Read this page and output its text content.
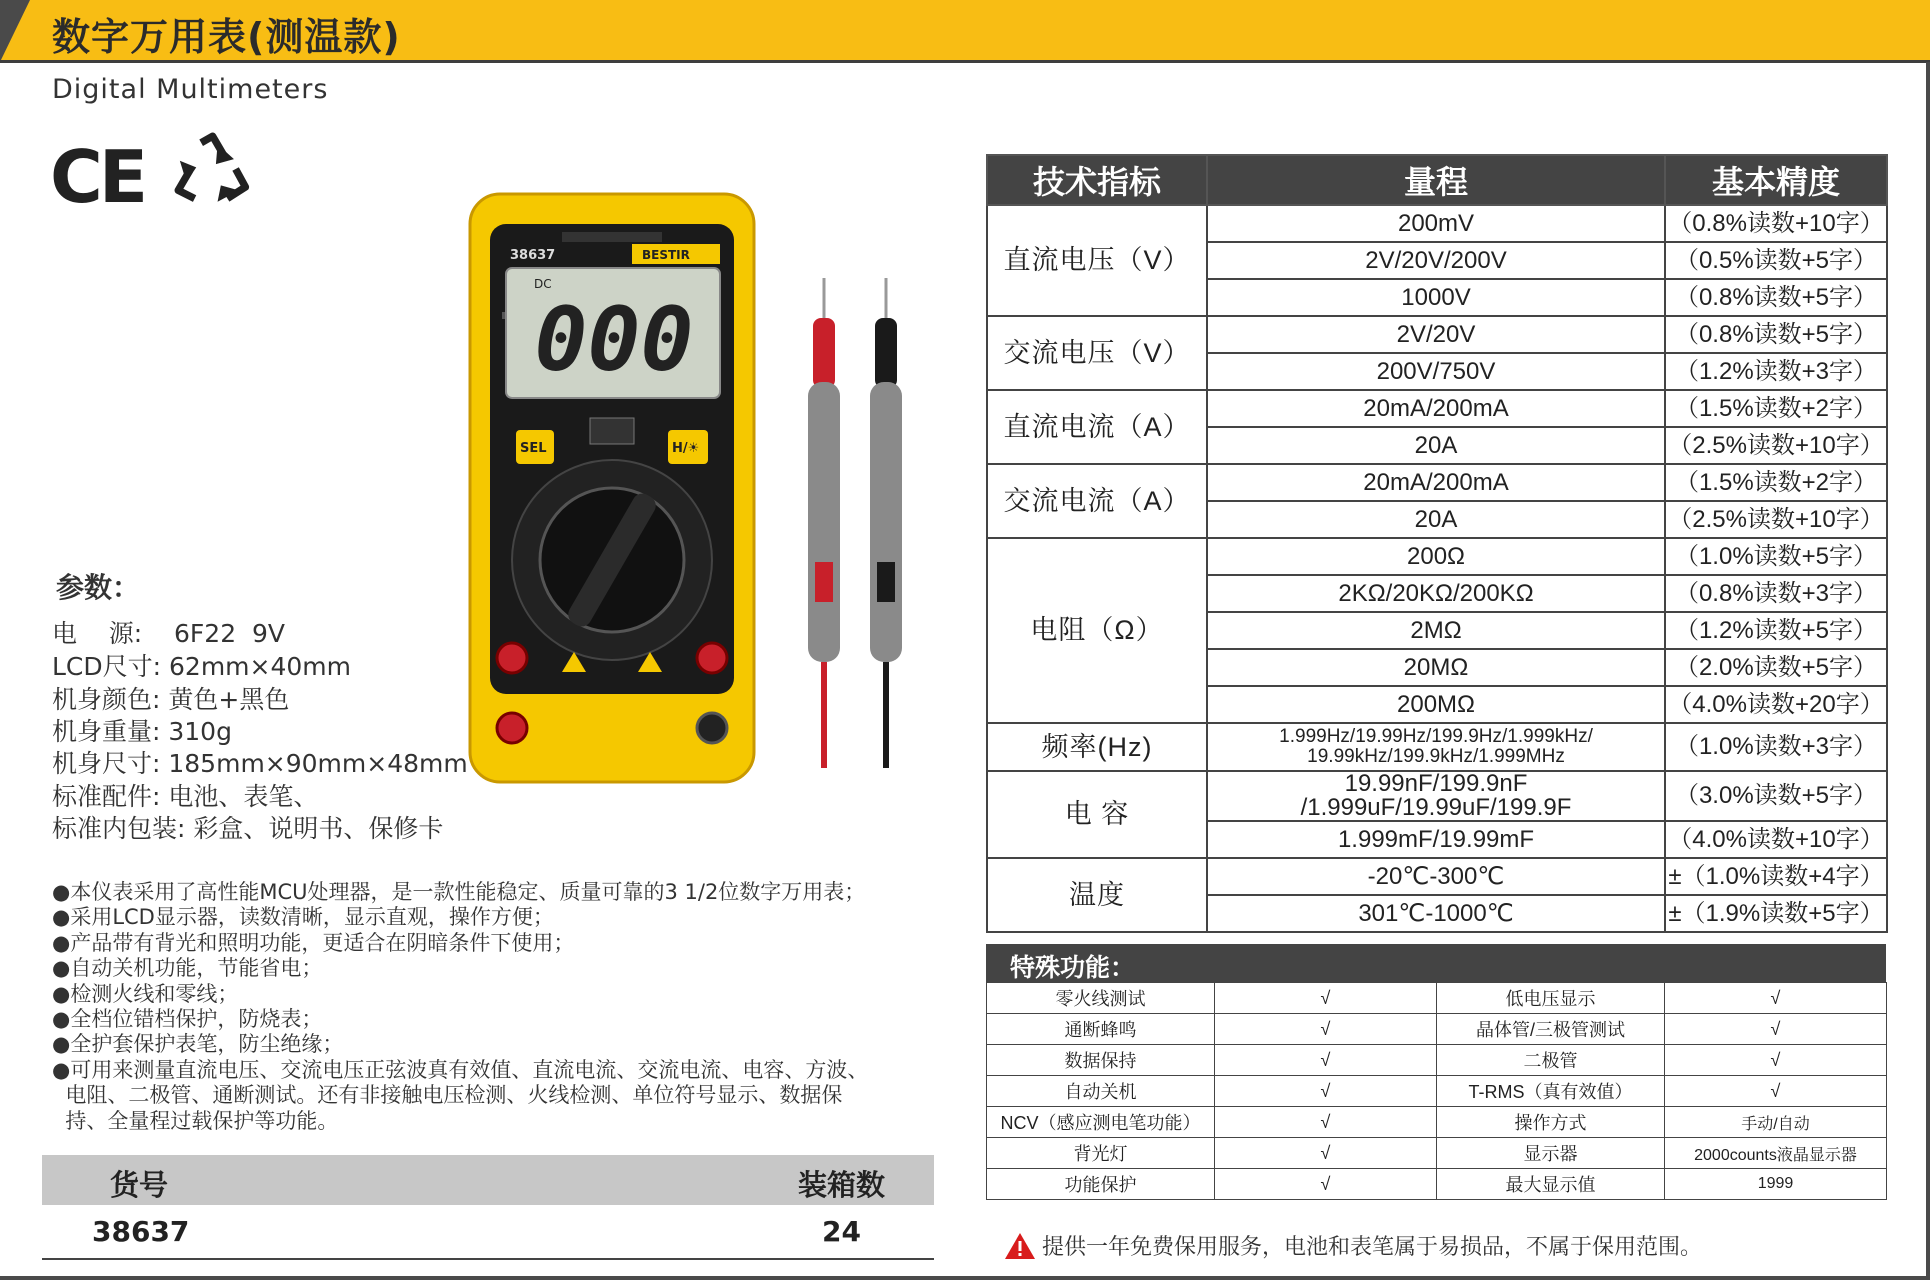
数字万用表(测温款)
Digital Multimeters
CE
38637	BESTIR
000
DC
SEL	H/☀
参数：
电    源:    6F22  9V
LCD尺寸: 62mm×40mm
机身颜色: 黄色+黑色
机身重量: 310g
机身尺寸: 185mm×90mm×48mm
标准配件: 电池、表笔、
标准内包装: 彩盒、说明书、保修卡
●本仪表采用了高性能MCU处理器，是一款性能稳定、质量可靠的3 1/2位数字万用表；
●采用LCD显示器，读数清晰，显示直观，操作方便；
●产品带有背光和照明功能，更适合在阴暗条件下使用；
●自动关机功能，节能省电；
●检测火线和零线；
●全档位错档保护，防烧表；
●全护套保护表笔，防尘绝缘；
●可用来测量直流电压、交流电压正弦波真有效值、直流电流、交流电流、电容、方波、
电阻、二极管、通断测试。还有非接触电压检测、火线检测、单位符号显示、数据保
持、全量程过载保护等功能。
货号	装箱数
38637	24
技术指标	量程	基本精度
直流电压（V）	200mV	（0.8%读数+10字）
	2V/20V/200V	（0.5%读数+5字）
	1000V	（0.8%读数+5字）
交流电压（V）	2V/20V	（0.8%读数+5字）
	200V/750V	（1.2%读数+3字）
直流电流（A）	20mA/200mA	（1.5%读数+2字）
	20A	（2.5%读数+10字）
交流电流（A）	20mA/200mA	（1.5%读数+2字）
	20A	（2.5%读数+10字）
电阻（Ω）	200Ω	（1.0%读数+5字）
	2KΩ/20KΩ/200KΩ	（0.8%读数+3字）
	2MΩ	（1.2%读数+5字）
	20MΩ	（2.0%读数+5字）
	200MΩ	（4.0%读数+20字）
频率(Hz)	1.999Hz/19.99Hz/199.9Hz/1.999kHz/
19.99kHz/199.9kHz/1.999MHz	（1.0%读数+3字）
电 容	19.99nF/199.9nF /1.999uF/19.99uF/199.9F	（3.0%读数+5字）
	1.999mF/19.99mF	（4.0%读数+10字）
温度	-20℃-300℃	±（1.0%读数+4字）
	301℃-1000℃	±（1.9%读数+5字）
特殊功能：
零火线测试	√	低电压显示	√
通断蜂鸣	√	晶体管/三极管测试	√
数据保持	√	二极管	√
自动关机	√	T-RMS（真有效值）	√
NCV（感应测电笔功能）	√	操作方式	手动/自动
背光灯	√	显示器	2000counts液晶显示器
功能保护	√	最大显示值	1999
提供一年免费保用服务，电池和表笔属于易损品，不属于保用范围。
